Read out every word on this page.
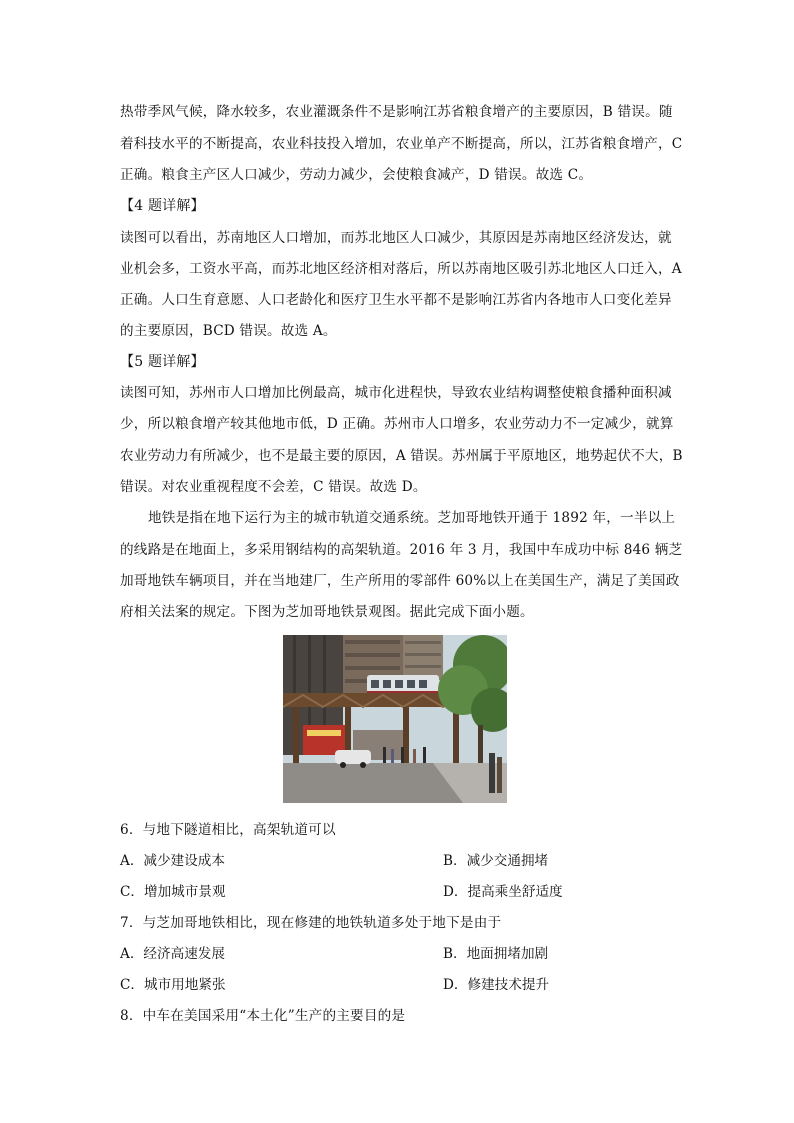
热带季风气候，降水较多，农业灌溉条件不是影响江苏省粮食增产的主要原因，B 错误。随
着科技水平的不断提高，农业科技投入增加，农业单产不断提高，所以，江苏省粮食增产，C
正确。粮食主产区人口减少，劳动力减少，会使粮食减产，D 错误。故选 C。
【4 题详解】
读图可以看出，苏南地区人口增加，而苏北地区人口减少，其原因是苏南地区经济发达，就
业机会多，工资水平高，而苏北地区经济相对落后，所以苏南地区吸引苏北地区人口迁入，A
正确。人口生育意愿、人口老龄化和医疗卫生水平都不是影响江苏省内各地市人口变化差异
的主要原因，BCD 错误。故选 A。
【5 题详解】
读图可知，苏州市人口增加比例最高，城市化进程快，导致农业结构调整使粮食播种面积减
少，所以粮食增产较其他地市低，D 正确。苏州市人口增多，农业劳动力不一定减少，就算
农业劳动力有所减少，也不是最主要的原因，A 错误。苏州属于平原地区，地势起伏不大，B
错误。对农业重视程度不会差，C 错误。故选 D。
地铁是指在地下运行为主的城市轨道交通系统。芝加哥地铁开通于 1892 年，一半以上
的线路是在地面上，多采用钢结构的高架轨道。2016 年 3 月，我国中车成功中标 846 辆芝
加哥地铁车辆项目，并在当地建厂，生产所用的零部件 60%以上在美国生产，满足了美国政
府相关法案的规定。下图为芝加哥地铁景观图。据此完成下面小题。
6．与地下隧道相比，高架轨道可以
A．减少建设成本	B．减少交通拥堵
C．增加城市景观	D．提高乘坐舒适度
7．与芝加哥地铁相比，现在修建的地铁轨道多处于地下是由于
A．经济高速发展	B．地面拥堵加剧
C．城市用地紧张	D．修建技术提升
8．中车在美国采用“本土化”生产的主要目的是
